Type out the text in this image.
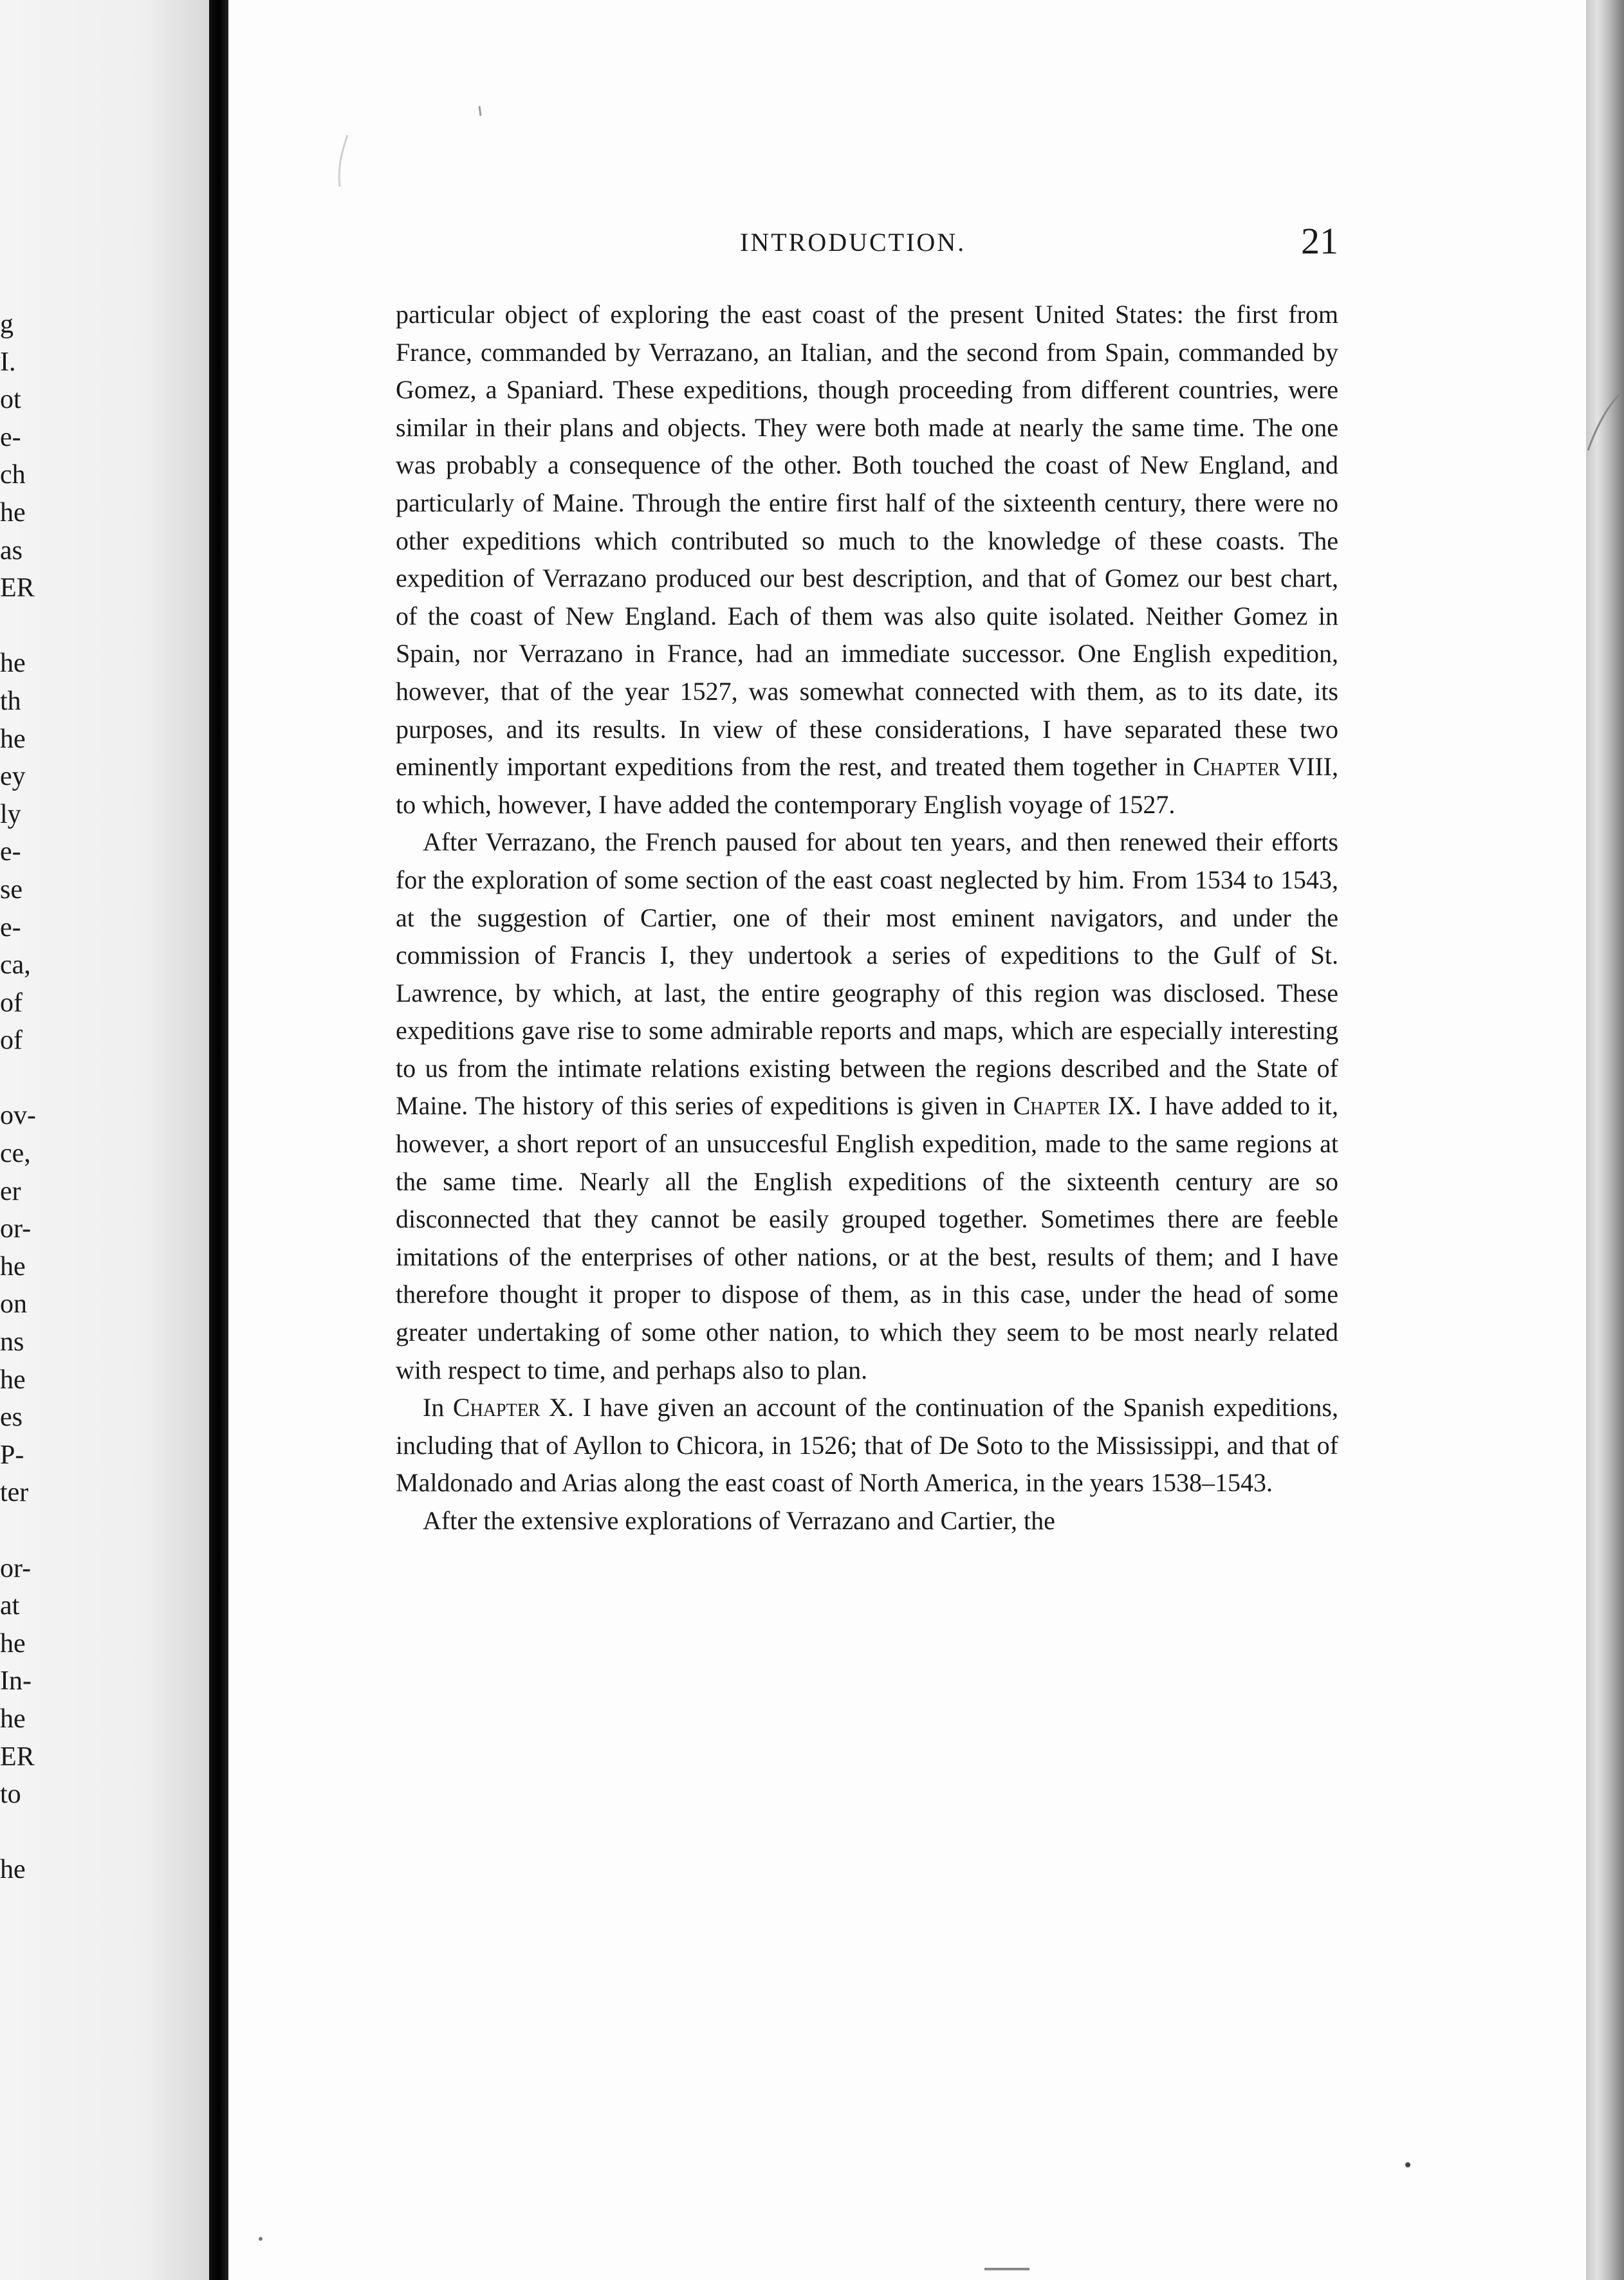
g
I.
ot
e-
ch
he
as
ER
he
th
he
ey
ly
e-
se
e-
ca,
of
of
ov-
ce,
er
or-
he
on
ns
he
es
P-
ter
or-
at
he
In-
he
ER
to
he
INTRODUCTION.	21

particular object of exploring the east coast of the present United States: the first from France, commanded by Verrazano, an Italian, and the second from Spain, commanded by Gomez, a Spaniard. These expeditions, though proceeding from different countries, were similar in their plans and objects. They were both made at nearly the same time. The one was probably a consequence of the other. Both touched the coast of New England, and particularly of Maine. Through the entire first half of the sixteenth century, there were no other expeditions which contributed so much to the knowledge of these coasts. The expedition of Verrazano produced our best description, and that of Gomez our best chart, of the coast of New England. Each of them was also quite isolated. Neither Gomez in Spain, nor Verrazano in France, had an immediate successor. One English expedition, however, that of the year 1527, was somewhat connected with them, as to its date, its purposes, and its results. In view of these considerations, I have separated these two eminently important expeditions from the rest, and treated them together in Chapter VIII, to which, however, I have added the contemporary English voyage of 1527.

After Verrazano, the French paused for about ten years, and then renewed their efforts for the exploration of some section of the east coast neglected by him. From 1534 to 1543, at the suggestion of Cartier, one of their most eminent navigators, and under the commission of Francis I, they undertook a series of expeditions to the Gulf of St. Lawrence, by which, at last, the entire geography of this region was disclosed. These expeditions gave rise to some admirable reports and maps, which are especially interesting to us from the intimate relations existing between the regions described and the State of Maine. The history of this series of expeditions is given in Chapter IX. I have added to it, however, a short report of an unsuccesful English expedition, made to the same regions at the same time. Nearly all the English expeditions of the sixteenth century are so disconnected that they cannot be easily grouped together. Sometimes there are feeble imitations of the enterprises of other nations, or at the best, results of them; and I have therefore thought it proper to dispose of them, as in this case, under the head of some greater undertaking of some other nation, to which they seem to be most nearly related with respect to time, and perhaps also to plan.

In Chapter X. I have given an account of the continuation of the Spanish expeditions, including that of Ayllon to Chicora, in 1526; that of De Soto to the Mississippi, and that of Maldonado and Arias along the east coast of North America, in the years 1538–1543.

After the extensive explorations of Verrazano and Cartier, the
